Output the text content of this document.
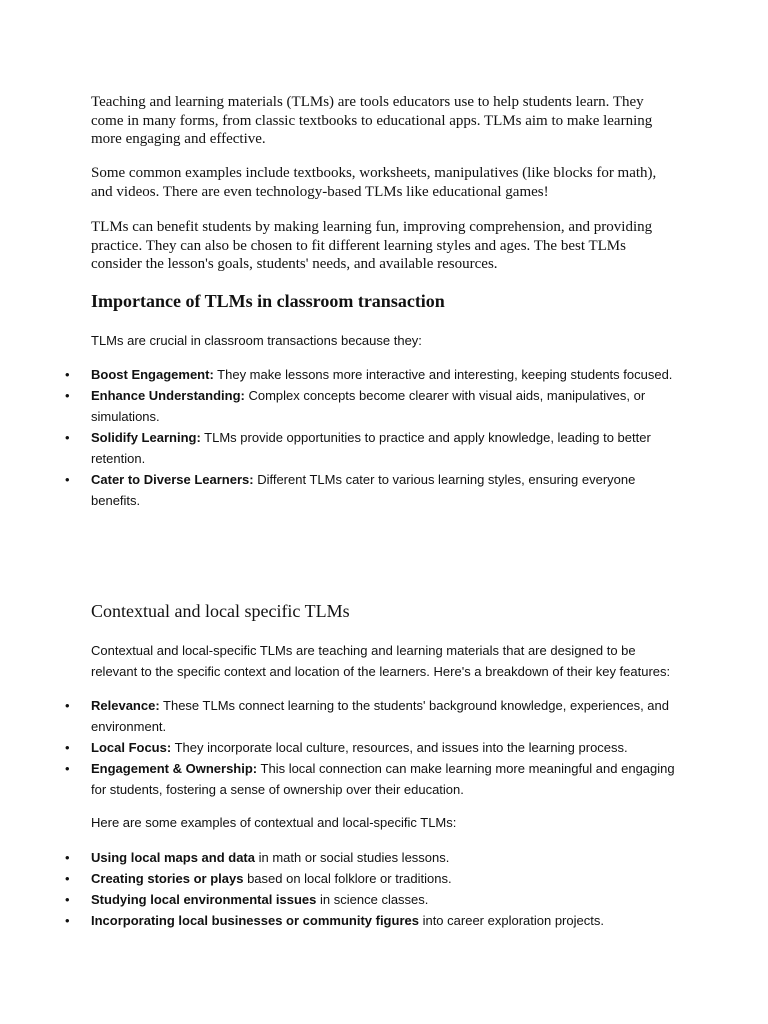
Teaching and learning materials (TLMs) are tools educators use to help students learn. They come in many forms, from classic textbooks to educational apps. TLMs aim to make learning more engaging and effective.

Some common examples include textbooks, worksheets, manipulatives (like blocks for math), and videos. There are even technology-based TLMs like educational games!

TLMs can benefit students by making learning fun, improving comprehension, and providing practice. They can also be chosen to fit different learning styles and ages. The best TLMs consider the lesson's goals, students' needs, and available resources.

Importance of TLMs in classroom transaction

TLMs are crucial in classroom transactions because they:

• Boost Engagement: They make lessons more interactive and interesting, keeping students focused.
• Enhance Understanding: Complex concepts become clearer with visual aids, manipulatives, or simulations.
• Solidify Learning: TLMs provide opportunities to practice and apply knowledge, leading to better retention.
• Cater to Diverse Learners: Different TLMs cater to various learning styles, ensuring everyone benefits.
Contextual and local specific TLMs

Contextual and local-specific TLMs are teaching and learning materials that are designed to be relevant to the specific context and location of the learners. Here's a breakdown of their key features:

• Relevance: These TLMs connect learning to the students' background knowledge, experiences, and environment.
• Local Focus: They incorporate local culture, resources, and issues into the learning process.
• Engagement & Ownership: This local connection can make learning more meaningful and engaging for students, fostering a sense of ownership over their education.

Here are some examples of contextual and local-specific TLMs:

• Using local maps and data in math or social studies lessons.
• Creating stories or plays based on local folklore or traditions.
• Studying local environmental issues in science classes.
• Incorporating local businesses or community figures into career exploration projects.
